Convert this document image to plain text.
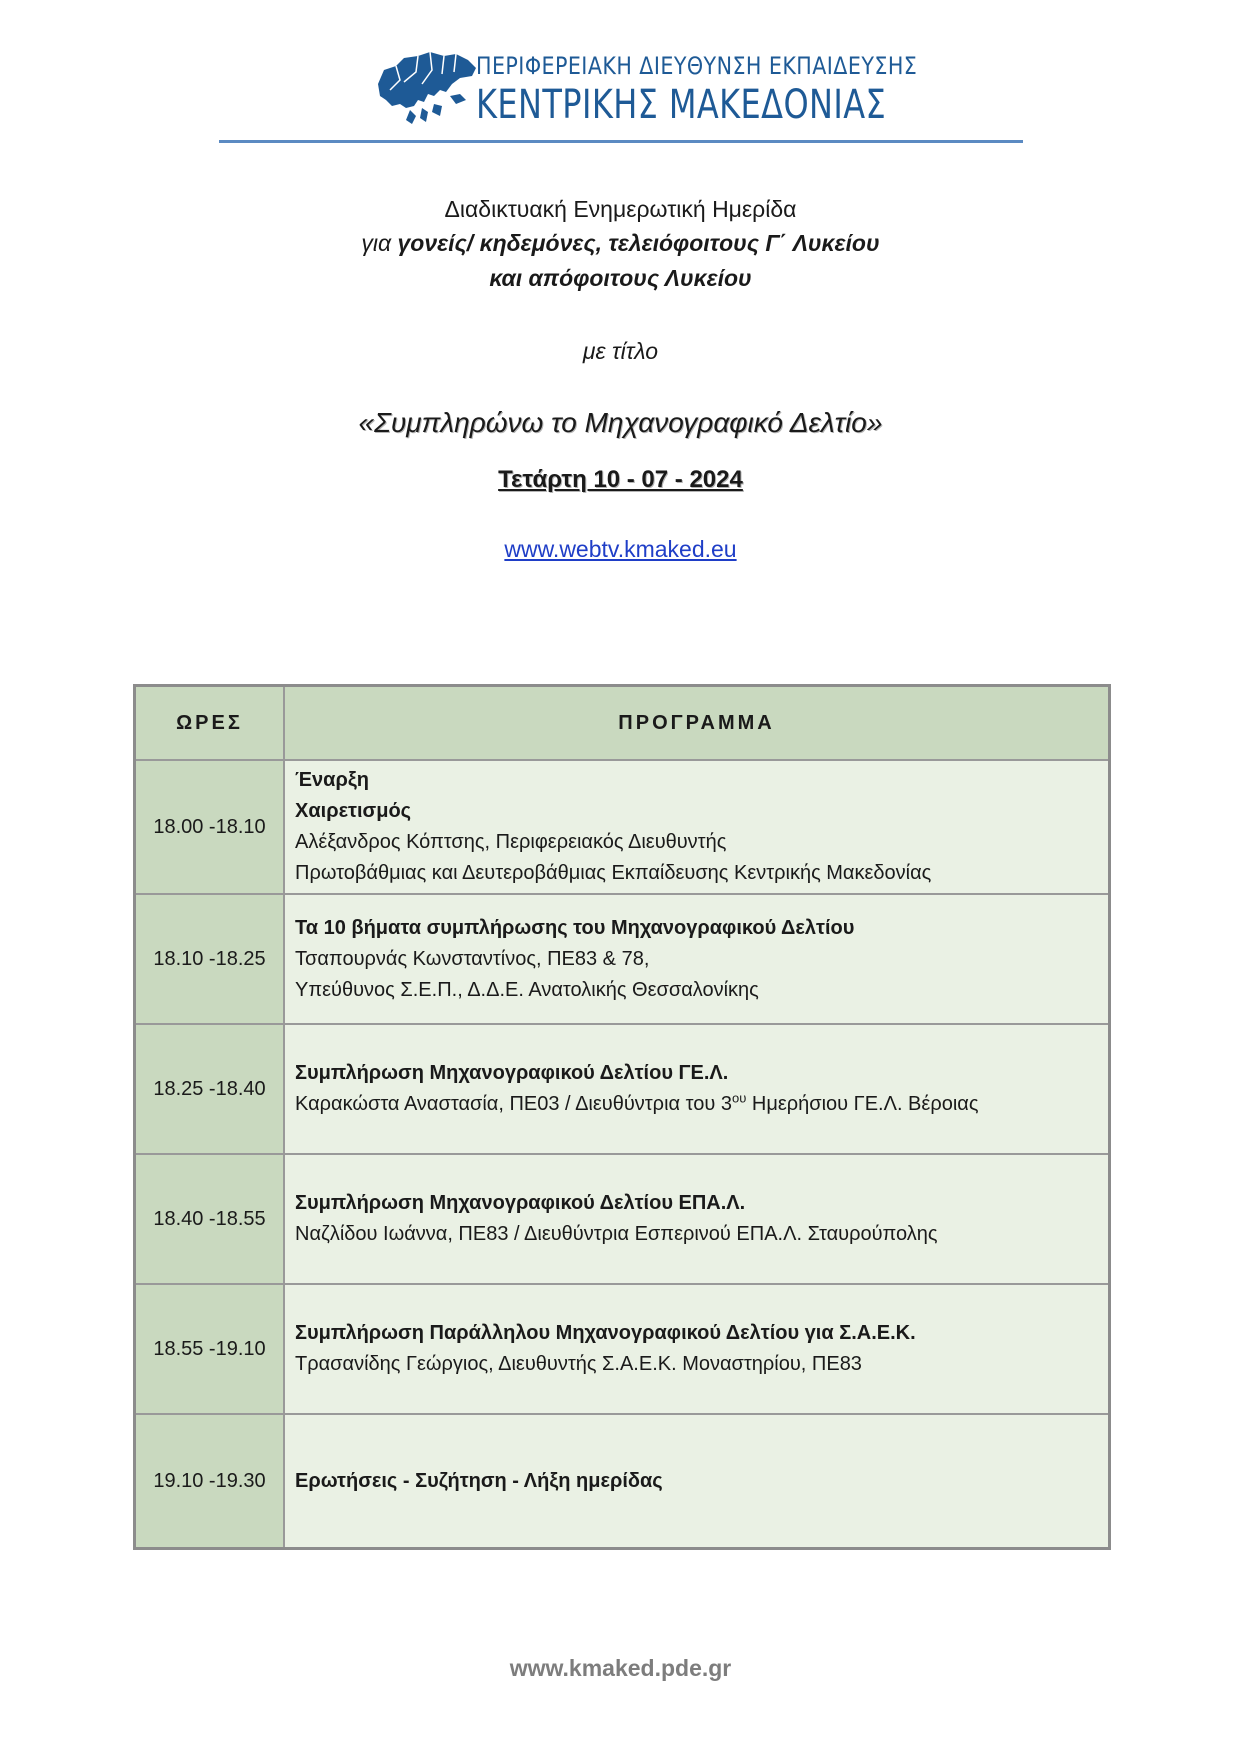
ΠΕΡΙΦΕΡΕΙΑΚΗ ΔΙΕΥΘΥΝΣΗ ΕΚΠΑΙΔΕΥΣΗΣ
ΚΕΝΤΡΙΚΗΣ ΜΑΚΕΔΟΝΙΑΣ
Διαδικτυακή Ενημερωτική Ημερίδα
για γονείς/ κηδεμόνες, τελειόφοιτους Γ΄ Λυκείου
και απόφοιτους Λυκείου
με τίτλο
«Συμπληρώνω το Μηχανογραφικό Δελτίο»
Τετάρτη 10 - 07 - 2024
www.webtv.kmaked.eu
ΩΡΕΣ	ΠΡΟΓΡΑΜΜΑ
18.00 -18.10	Έναρξη
Χαιρετισμός
Αλέξανδρος Κόπτσης, Περιφερειακός Διευθυντής
Πρωτοβάθμιας και Δευτεροβάθμιας Εκπαίδευσης Κεντρικής Μακεδονίας

18.10 -18.25	Τα 10 βήματα συμπλήρωσης του Μηχανογραφικού Δελτίου
Τσαπουρνάς Κωνσταντίνος, ΠΕ83 & 78,
Υπεύθυνος Σ.Ε.Π., Δ.Δ.Ε. Ανατολικής Θεσσαλονίκης

18.25 -18.40	Συμπλήρωση Μηχανογραφικού Δελτίου ΓΕ.Λ.
Καρακώστα Αναστασία, ΠΕ03 / Διευθύντρια του $3^{o\upsilon}$ Ημερήσιου ΓΕ.Λ. Βέροιας

18.40 -18.55	Συμπλήρωση Μηχανογραφικού Δελτίου ΕΠΑ.Λ.
Ναζλίδου Ιωάννα, ΠΕ83 / Διευθύντρια Εσπερινού ΕΠΑ.Λ. Σταυρούπολης

18.55 -19.10	Συμπλήρωση Παράλληλου Μηχανογραφικού Δελτίου για Σ.Α.Ε.Κ.
Τρασανίδης Γεώργιος, Διευθυντής Σ.Α.Ε.Κ. Μοναστηρίου, ΠΕ83

19.10 -19.30	Ερωτήσεις - Συζήτηση - Λήξη ημερίδας
www.kmaked.pde.gr
